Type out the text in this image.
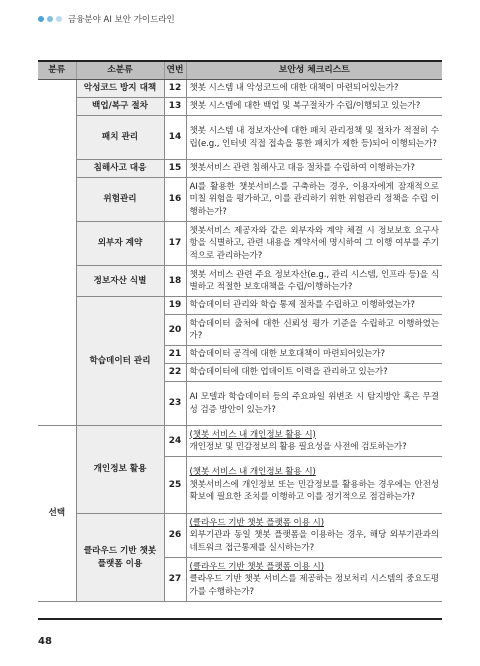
금융분야 AI 보안 가이드라인
분류	소분류	연번	보안성 체크리스트
	악성코드 방지 대책	12	챗봇 시스템 내 악성코드에 대한 대책이 마련되어있는가?
	백업/복구 절차	13	챗봇 시스템에 대한 백업 및 복구절차가 수립/이행되고 있는가?
	패치 관리	14	챗봇 시스템 내 정보자산에 대한 패치 관리정책 및 절차가 적절히 수립(e.g., 인터넷 직접 접속을 통한 패치가 제한 등)되어 이행되는가?
	침해사고 대응	15	챗봇서비스 관련 침해사고 대응 절차를 수립하여 이행하는가?
	위험관리	16	AI를 활용한 챗봇서비스를 구축하는 경우, 이용자에게 잠재적으로 미칠 위험을 평가하고, 이를 관리하기 위한 위험관리 정책을 수립 이행하는가?
	외부자 계약	17	챗봇서비스 제공자와 같은 외부자와 계약 체결 시 정보보호 요구사항을 식별하고, 관련 내용을 계약서에 명시하여 그 이행 여부를 주기적으로 관리하는가?
	정보자산 식별	18	챗봇 서비스 관련 주요 정보자산(e.g., 관리 시스템, 인프라 등)을 식별하고 적절한 보호대책을 수립/이행하는가?
	학습데이터 관리	19	학습데이터 관리와 학습 통제 절차를 수립하고 이행하였는가?
		20	학습데이터 출처에 대한 신뢰성 평가 기준을 수립하고 이행하였는가?
		21	학습데이터 공격에 대한 보호대책이 마련되어있는가?
		22	학습데이터에 대한 업데이트 이력을 관리하고 있는가?
		23	AI 모델과 학습데이터 등의 주요파일 위변조 시 탐지방안 혹은 무결성 검증 방안이 있는가?
선택	개인정보 활용	24	(챗봇 서비스 내 개인정보 활용 시)
개인정보 및 민감정보의 활용 필요성을 사전에 검토하는가?
		25	(챗봇 서비스 내 개인정보 활용 시)
챗봇서비스에 개인정보 또는 민감정보를 활용하는 경우에는 안전성 확보에 필요한 조치를 이행하고 이를 정기적으로 점검하는가?
	클라우드 기반 챗봇 플랫폼 이용	26	(클라우드 기반 챗봇 플랫폼 이용 시)
외부기관과 동일 챗봇 플랫폼을 이용하는 경우, 해당 외부기관과의 네트워크 접근통제를 실시하는가?
		27	(클라우드 기반 챗봇 플랫폼 이용 시)
클라우드 기반 챗봇 서비스를 제공하는 정보처리 시스템의 중요도평가를 수행하는가?
48
